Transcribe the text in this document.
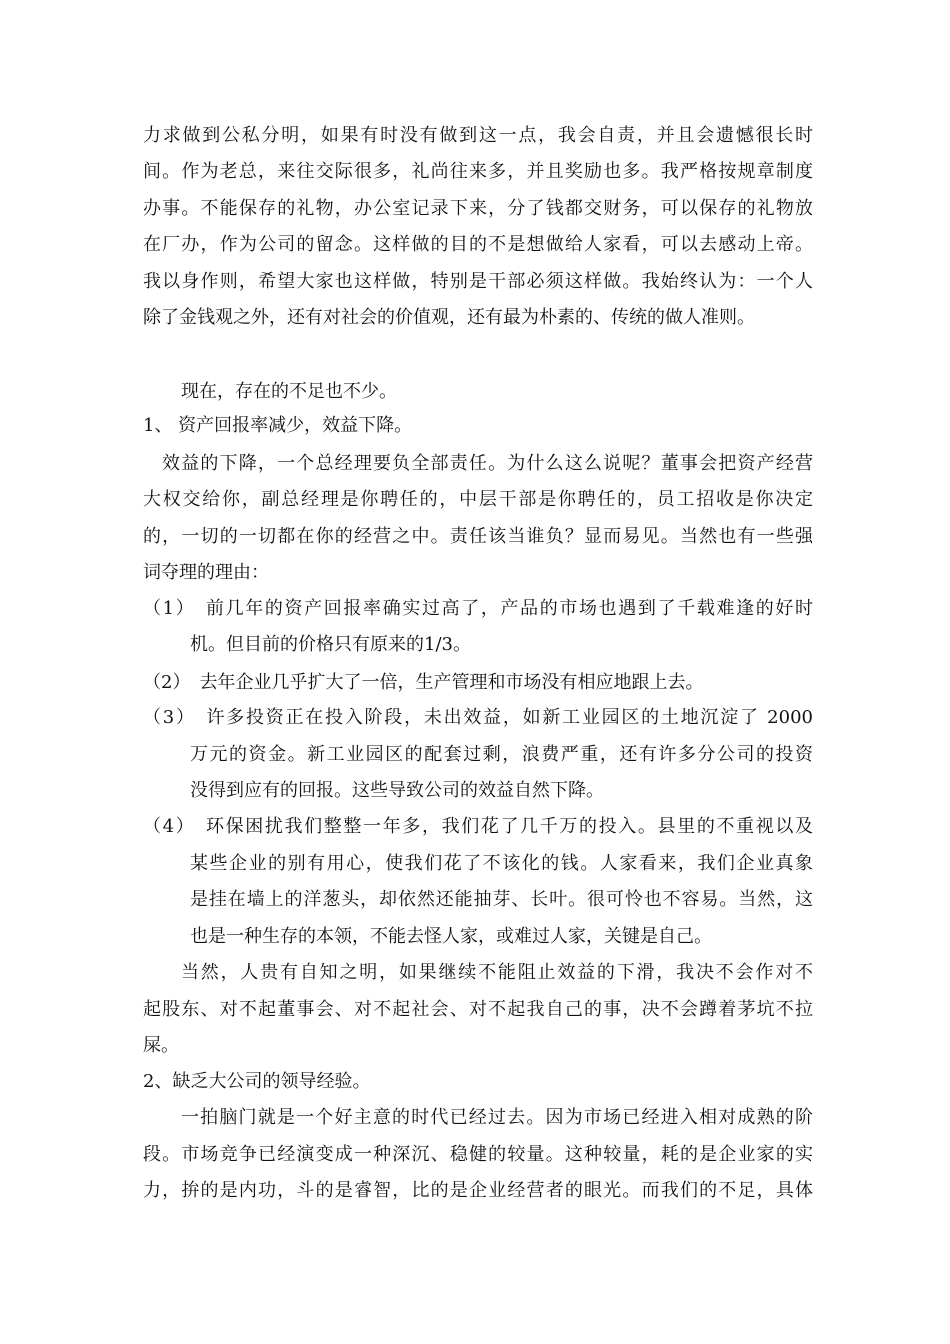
力求做到公私分明，如果有时没有做到这一点，我会自责，并且会遗憾很长时
间。作为老总，来往交际很多，礼尚往来多，并且奖励也多。我严格按规章制度
办事。不能保存的礼物，办公室记录下来，分了钱都交财务，可以保存的礼物放
在厂办，作为公司的留念。这样做的目的不是想做给人家看，可以去感动上帝。
我以身作则，希望大家也这样做，特别是干部必须这样做。我始终认为：一个人
除了金钱观之外，还有对社会的价值观，还有最为朴素的、传统的做人准则。
现在，存在的不足也不少。
1、 资产回报率减少，效益下降。
效益的下降，一个总经理要负全部责任。为什么这么说呢？董事会把资产经营
大权交给你，副总经理是你聘任的，中层干部是你聘任的，员工招收是你决定
的，一切的一切都在你的经营之中。责任该当谁负？显而易见。当然也有一些强
词夺理的理由：
（1）　前几年的资产回报率确实过高了，产品的市场也遇到了千载难逢的好时
机。但目前的价格只有原来的1/3。
（2）　去年企业几乎扩大了一倍，生产管理和市场没有相应地跟上去。
（3）　许多投资正在投入阶段，未出效益，如新工业园区的土地沉淀了 2000
万元的资金。新工业园区的配套过剩，浪费严重，还有许多分公司的投资
没得到应有的回报。这些导致公司的效益自然下降。
（4）　环保困扰我们整整一年多，我们花了几千万的投入。县里的不重视以及
某些企业的别有用心，使我们花了不该化的钱。人家看来，我们企业真象
是挂在墙上的洋葱头，却依然还能抽芽、长叶。很可怜也不容易。当然，这
也是一种生存的本领，不能去怪人家，或难过人家，关键是自己。
当然，人贵有自知之明，如果继续不能阻止效益的下滑，我决不会作对不
起股东、对不起董事会、对不起社会、对不起我自己的事，决不会蹲着茅坑不拉
屎。
2、缺乏大公司的领导经验。
一拍脑门就是一个好主意的时代已经过去。因为市场已经进入相对成熟的阶
段。市场竞争已经演变成一种深沉、稳健的较量。这种较量，耗的是企业家的实
力，拚的是内功，斗的是睿智，比的是企业经营者的眼光。而我们的不足，具体
